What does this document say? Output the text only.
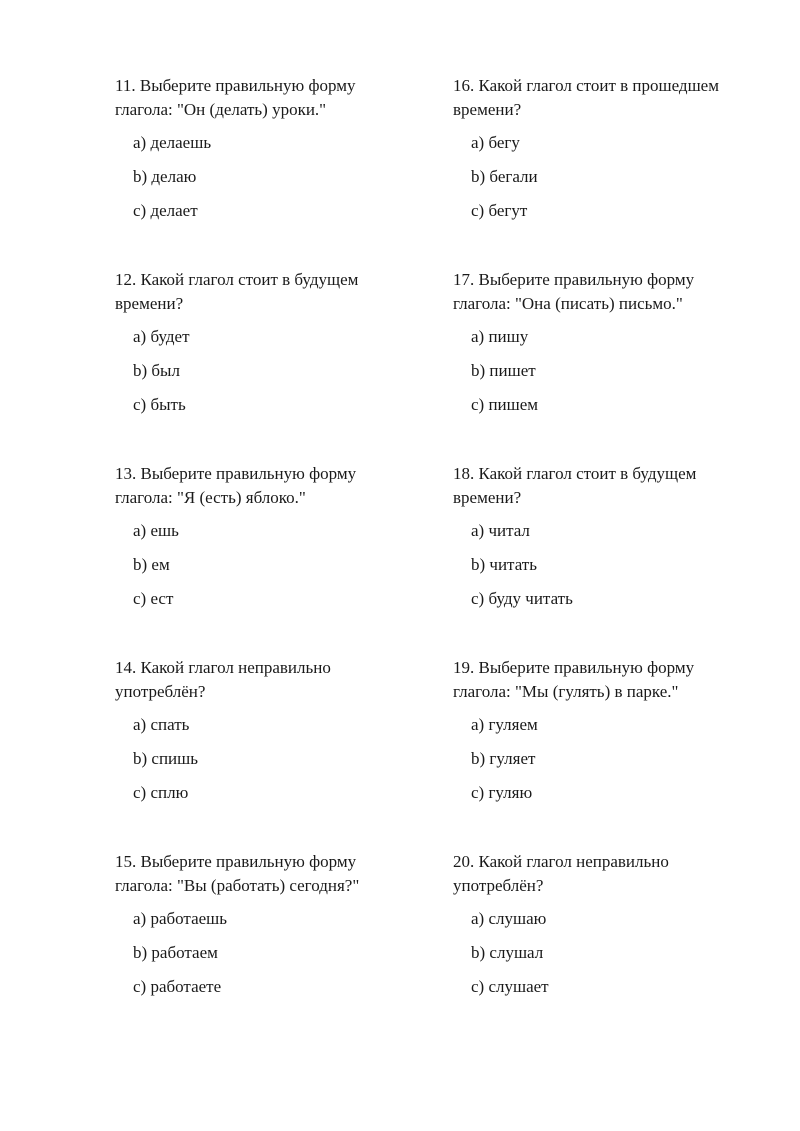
11. Выберите правильную форму глагола: "Он (делать) уроки."

a) делаешь
b) делаю
c) делает

12. Какой глагол стоит в будущем времени?

a) будет
b) был
c) быть

13. Выберите правильную форму глагола: "Я (есть) яблоко."

a) ешь
b) ем
c) ест

14. Какой глагол неправильно употреблён?

a) спать
b) спишь
c) сплю

15. Выберите правильную форму глагола: "Вы (работать) сегодня?"

a) работаешь
b) работаем
c) работаете

16. Какой глагол стоит в прошедшем времени?

a) бегу
b) бегали
c) бегут

17. Выберите правильную форму глагола: "Она (писать) письмо."

a) пишу
b) пишет
c) пишем

18. Какой глагол стоит в будущем времени?

a) читал
b) читать
c) буду читать

19. Выберите правильную форму глагола: "Мы (гулять) в парке."

a) гуляем
b) гуляет
c) гуляю

20. Какой глагол неправильно употреблён?

a) слушаю
b) слушал
c) слушает
